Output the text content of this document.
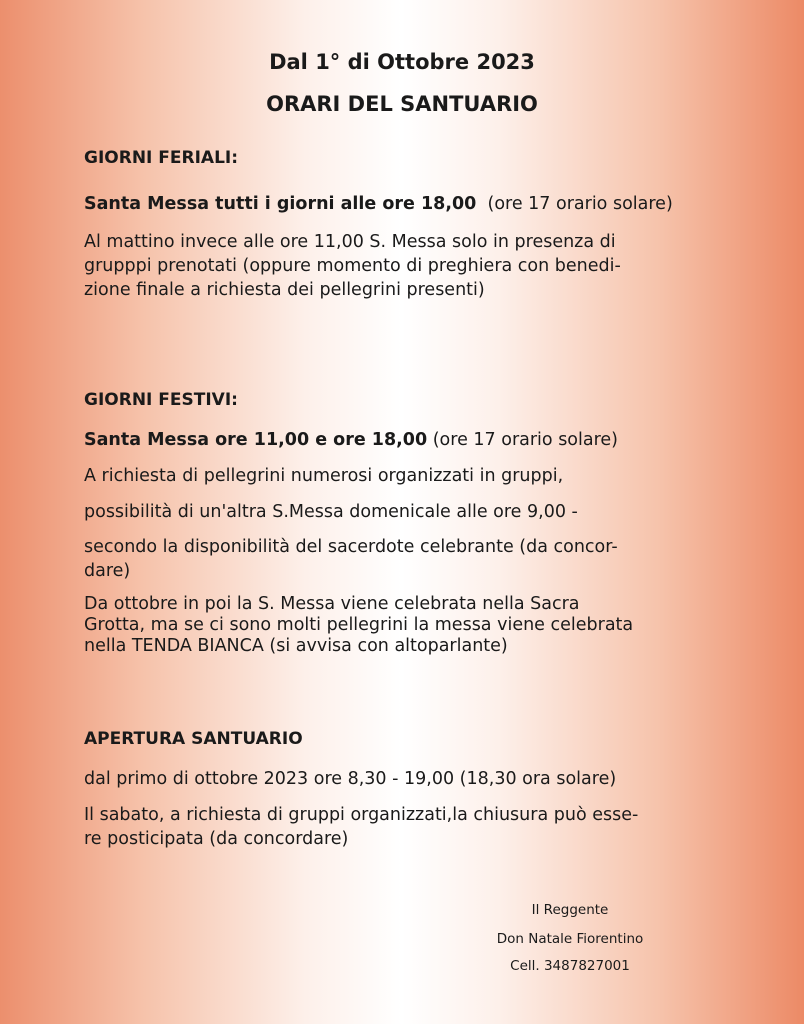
Dal 1° di Ottobre 2023
ORARI DEL SANTUARIO
GIORNI FERIALI:
Santa Messa tutti i giorni alle ore 18,00 (ore 17 orario solare)
Al mattino invece alle ore 11,00 S. Messa solo in presenza di
grupppi prenotati (oppure momento di preghiera con benedi-
zione finale a richiesta dei pellegrini presenti)
GIORNI FESTIVI:
Santa Messa ore 11,00 e ore 18,00 (ore 17 orario solare)
A richiesta di pellegrini numerosi organizzati in gruppi,
possibilità di un'altra S.Messa domenicale alle ore 9,00 -
secondo la disponibilità del sacerdote celebrante (da concor-
dare)
Da ottobre in poi la S. Messa viene celebrata nella Sacra
Grotta, ma se ci sono molti pellegrini la messa viene celebrata
nella TENDA BIANCA (si avvisa con altoparlante)
APERTURA SANTUARIO
dal primo di ottobre 2023 ore 8,30 - 19,00 (18,30 ora solare)
Il sabato, a richiesta di gruppi organizzati,la chiusura può esse-
re posticipata (da concordare)
Il Reggente
Don Natale Fiorentino
Cell. 3487827001
